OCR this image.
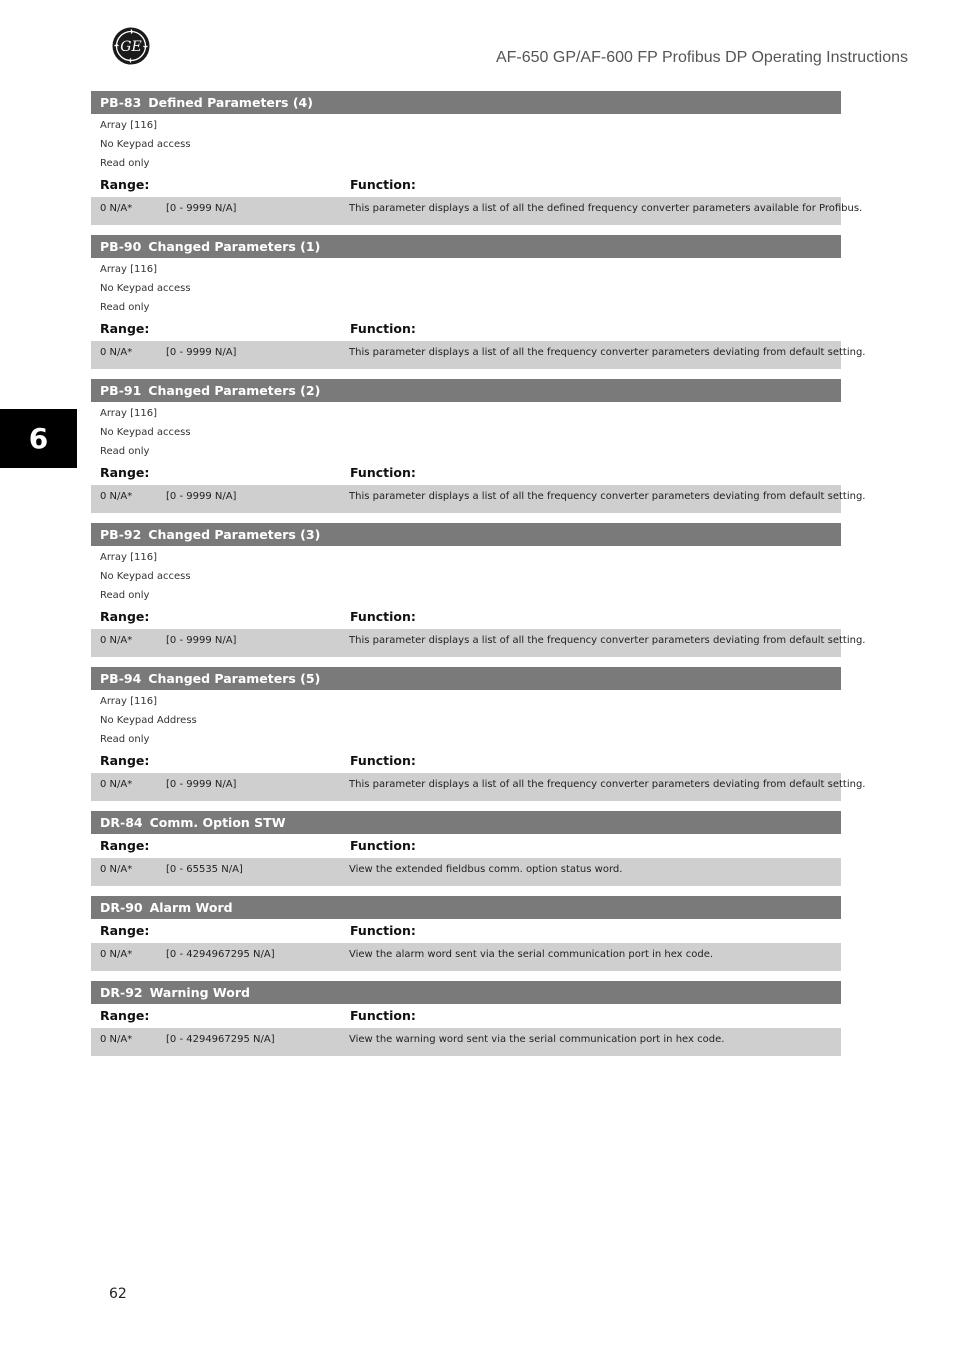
GE
AF-650 GP/AF-600 FP Profibus DP Operating Instructions
6
PB-83 Defined Parameters (4)
Array [116]
No Keypad access
Read only
Range:	Function:
0 N/A*	[0 - 9999 N/A]	This parameter displays a list of all the defined frequency converter parameters available for Profibus.
PB-90 Changed Parameters (1)
Array [116]
No Keypad access
Read only
Range:	Function:
0 N/A*	[0 - 9999 N/A]	This parameter displays a list of all the frequency converter parameters deviating from default setting.
PB-91 Changed Parameters (2)
Array [116]
No Keypad access
Read only
Range:	Function:
0 N/A*	[0 - 9999 N/A]	This parameter displays a list of all the frequency converter parameters deviating from default setting.
PB-92 Changed Parameters (3)
Array [116]
No Keypad access
Read only
Range:	Function:
0 N/A*	[0 - 9999 N/A]	This parameter displays a list of all the frequency converter parameters deviating from default setting.
PB-94 Changed Parameters (5)
Array [116]
No Keypad Address
Read only
Range:	Function:
0 N/A*	[0 - 9999 N/A]	This parameter displays a list of all the frequency converter parameters deviating from default setting.
DR-84 Comm. Option STW
Range:	Function:
0 N/A*	[0 - 65535 N/A]	View the extended fieldbus comm. option status word.
DR-90 Alarm Word
Range:	Function:
0 N/A*	[0 - 4294967295 N/A]	View the alarm word sent via the serial communication port in hex code.
DR-92 Warning Word
Range:	Function:
0 N/A*	[0 - 4294967295 N/A]	View the warning word sent via the serial communication port in hex code.
62
